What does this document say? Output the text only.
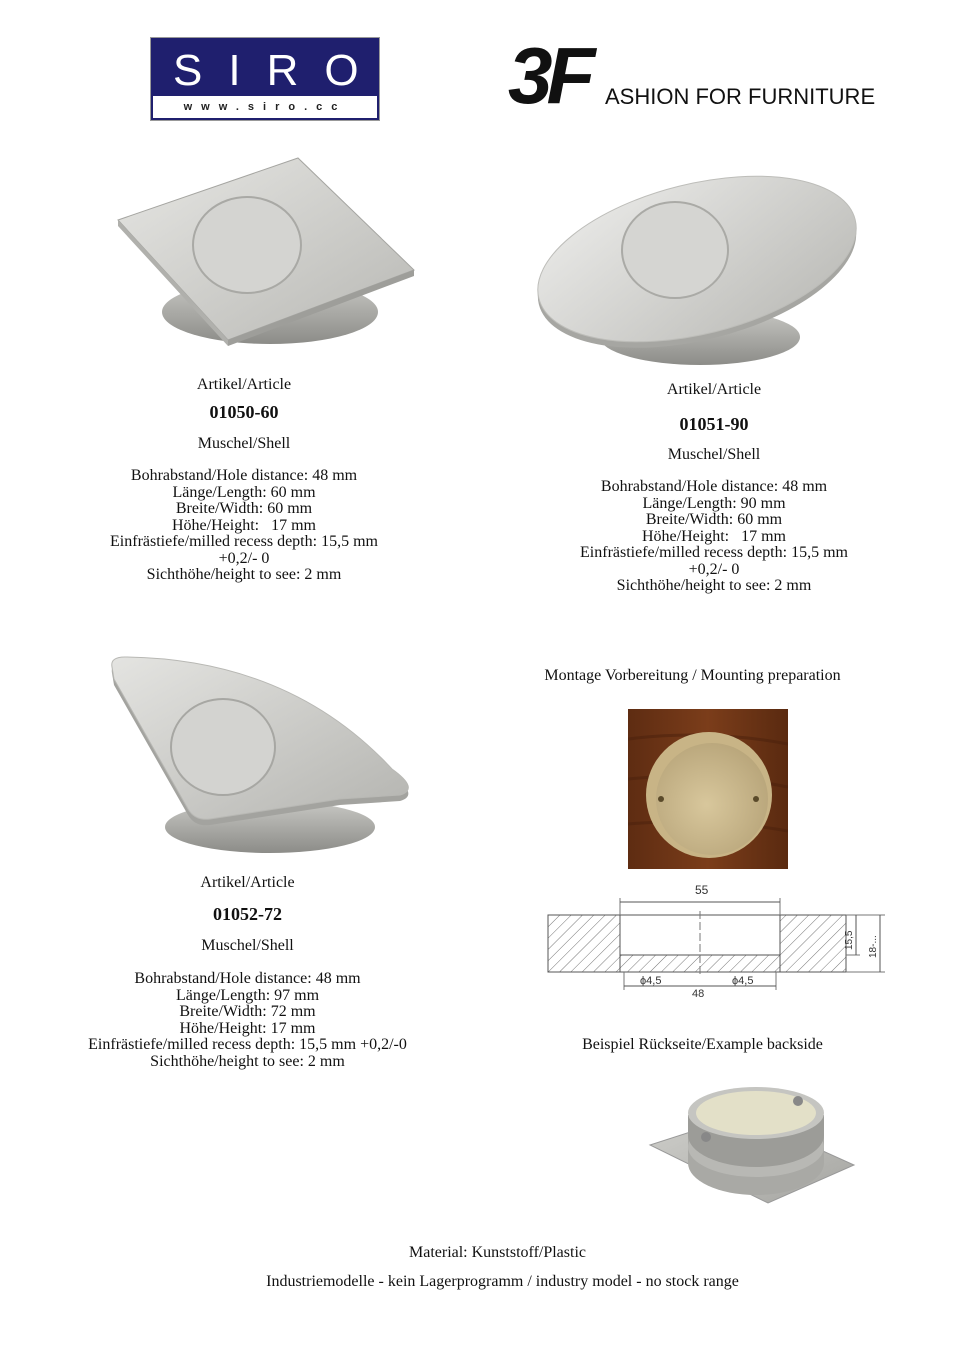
SIRO
www.siro.cc	3F ASHION FOR FURNITURE
Artikel/Article
01050-60
Muschel/Shell
Bohrabstand/Hole distance: 48 mm
Länge/Length: 60 mm
Breite/Width: 60 mm
Höhe/Height:   17 mm
Einfrästiefe/milled recess depth: 15,5 mm
+0,2/- 0
Sichthöhe/height to see: 2 mm
Artikel/Article
01051-90
Muschel/Shell
Bohrabstand/Hole distance: 48 mm
Länge/Length: 90 mm
Breite/Width: 60 mm
Höhe/Height:   17 mm
Einfrästiefe/milled recess depth: 15,5 mm
+0,2/- 0
Sichthöhe/height to see: 2 mm
Artikel/Article
01052-72
Muschel/Shell
Bohrabstand/Hole distance: 48 mm
Länge/Length: 97 mm
Breite/Width: 72 mm
Höhe/Height: 17 mm
Einfrästiefe/milled recess depth: 15,5 mm +0,2/-0
Sichthöhe/height to see: 2 mm
Montage Vorbereitung / Mounting preparation
55
ϕ4,5	ϕ4,5
48
15,5 18-...
Beispiel Rückseite/Example backside
Material: Kunststoff/Plastic
Industriemodelle - kein Lagerprogramm / industry model - no stock range
